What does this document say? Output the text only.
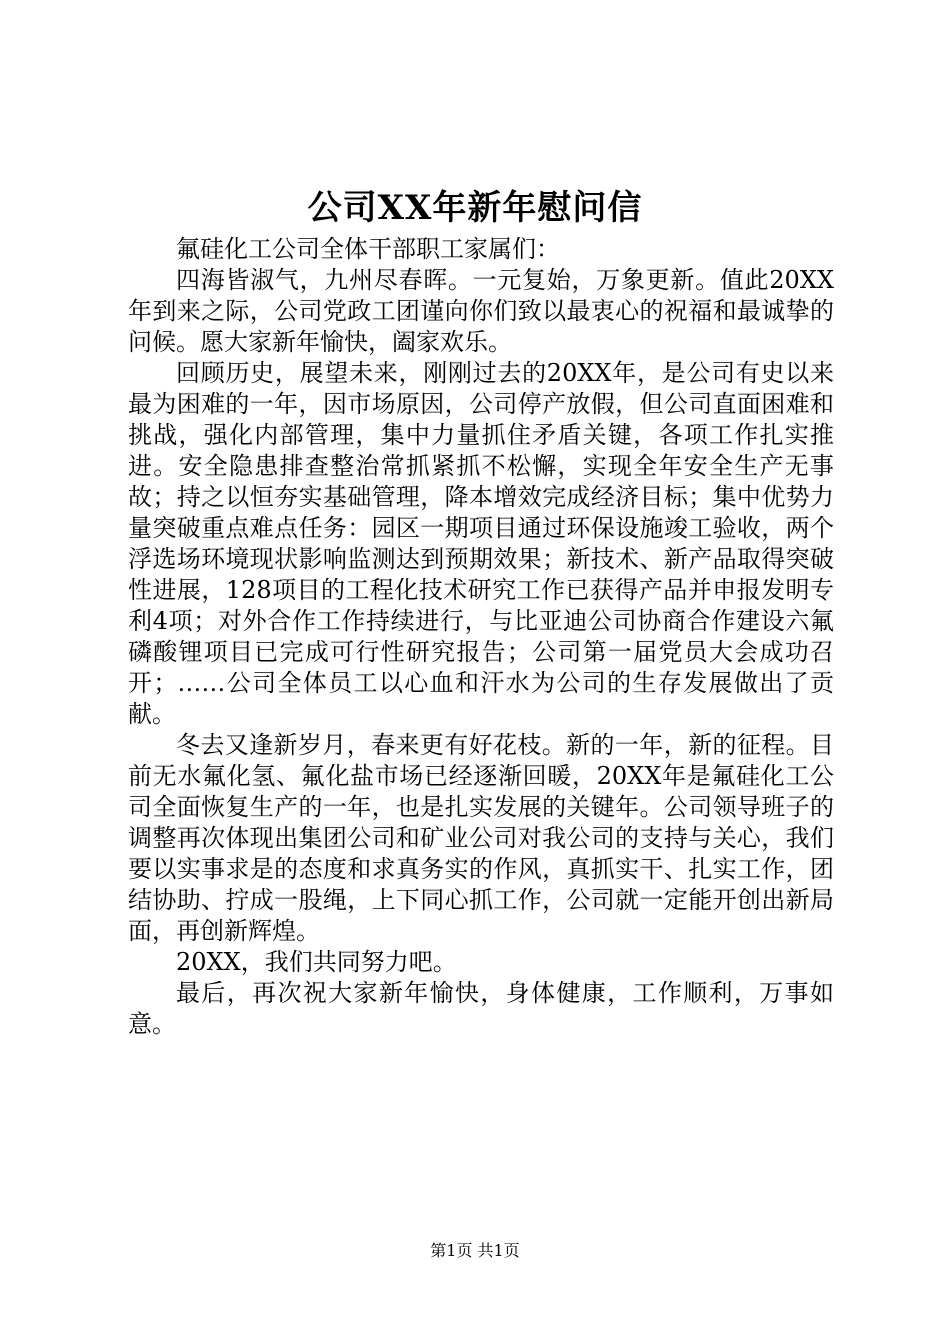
公司XX年新年慰问信

氟硅化工公司全体干部职工家属们：

四海皆淑气，九州尽春晖。一元复始，万象更新。值此20XX年到来之际，公司党政工团谨向你们致以最衷心的祝福和最诚挚的问候。愿大家新年愉快，阖家欢乐。

回顾历史，展望未来，刚刚过去的20XX年，是公司有史以来最为困难的一年，因市场原因，公司停产放假，但公司直面困难和挑战，强化内部管理，集中力量抓住矛盾关键，各项工作扎实推进。安全隐患排查整治常抓紧抓不松懈，实现全年安全生产无事故；持之以恒夯实基础管理，降本增效完成经济目标；集中优势力量突破重点难点任务：园区一期项目通过环保设施竣工验收，两个浮选场环境现状影响监测达到预期效果；新技术、新产品取得突破性进展，128项目的工程化技术研究工作已获得产品并申报发明专利4项；对外合作工作持续进行，与比亚迪公司协商合作建设六氟磷酸锂项目已完成可行性研究报告；公司第一届党员大会成功召开；……公司全体员工以心血和汗水为公司的生存发展做出了贡献。

冬去又逢新岁月，春来更有好花枝。新的一年，新的征程。目前无水氟化氢、氟化盐市场已经逐渐回暖，20XX年是氟硅化工公司全面恢复生产的一年，也是扎实发展的关键年。公司领导班子的调整再次体现出集团公司和矿业公司对我公司的支持与关心，我们要以实事求是的态度和求真务实的作风，真抓实干、扎实工作，团结协助、拧成一股绳，上下同心抓工作，公司就一定能开创出新局面，再创新辉煌。

20XX，我们共同努力吧。

最后，再次祝大家新年愉快，身体健康，工作顺利，万事如意。

第1页 共1页
